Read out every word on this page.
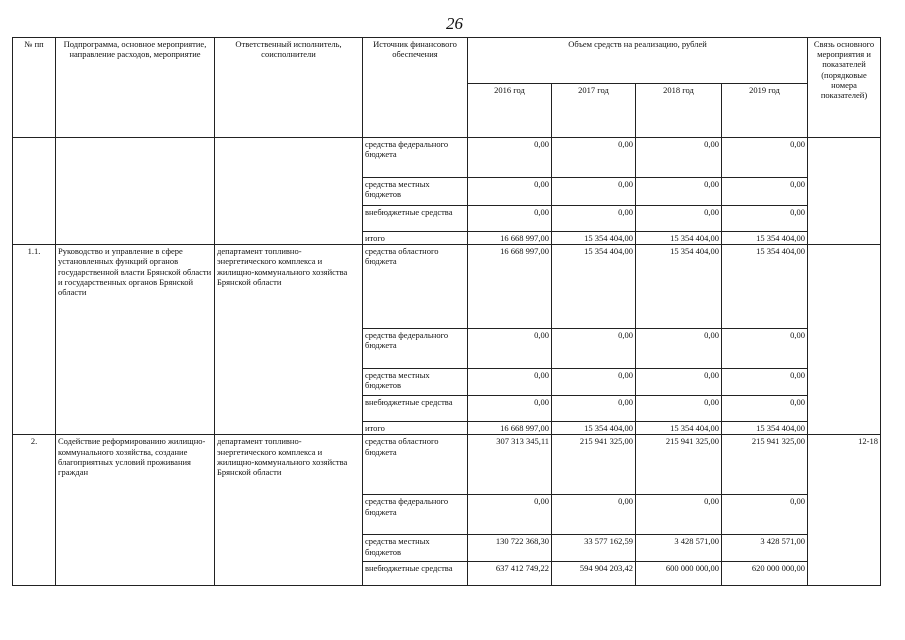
26
№ пп	Подпрограмма, основное мероприятие, направление расходов, мероприятие	Ответственный исполнитель, соисполнители	Источник финансового обеспечения	Объем средств на реализацию, рублей				Связь основного мероприятия и показателей (порядковые номера показателей)
				2016 год	2017 год	2018 год	2019 год	
			средства федерального бюджета	0,00	0,00	0,00	0,00	
			средства местных бюджетов	0,00	0,00	0,00	0,00	
			внебюджетные средства	0,00	0,00	0,00	0,00	
			итого	16 668 997,00	15 354 404,00	15 354 404,00	15 354 404,00	
1.1.	Руководство и управление в сфере установленных функций органов государственной власти Брянской области и государственных органов Брянской области	департамент топливно-энергетического комплекса и жилищно-коммунального хозяйства Брянской области	средства областного бюджета	16 668 997,00	15 354 404,00	15 354 404,00	15 354 404,00	
			средства федерального бюджета	0,00	0,00	0,00	0,00	
			средства местных бюджетов	0,00	0,00	0,00	0,00	
			внебюджетные средства	0,00	0,00	0,00	0,00	
			итого	16 668 997,00	15 354 404,00	15 354 404,00	15 354 404,00	
2.	Содействие реформированию жилищно-коммунального хозяйства, создание благоприятных условий проживания граждан	департамент топливно-энергетического комплекса и жилищно-коммунального хозяйства Брянской области	средства областного бюджета	307 313 345,11	215 941 325,00	215 941 325,00	215 941 325,00	12-18
			средства федерального бюджета	0,00	0,00	0,00	0,00	
			средства местных бюджетов	130 722 368,30	33 577 162,59	3 428 571,00	3 428 571,00	
			внебюджетные средства	637 412 749,22	594 904 203,42	600 000 000,00	620 000 000,00	
